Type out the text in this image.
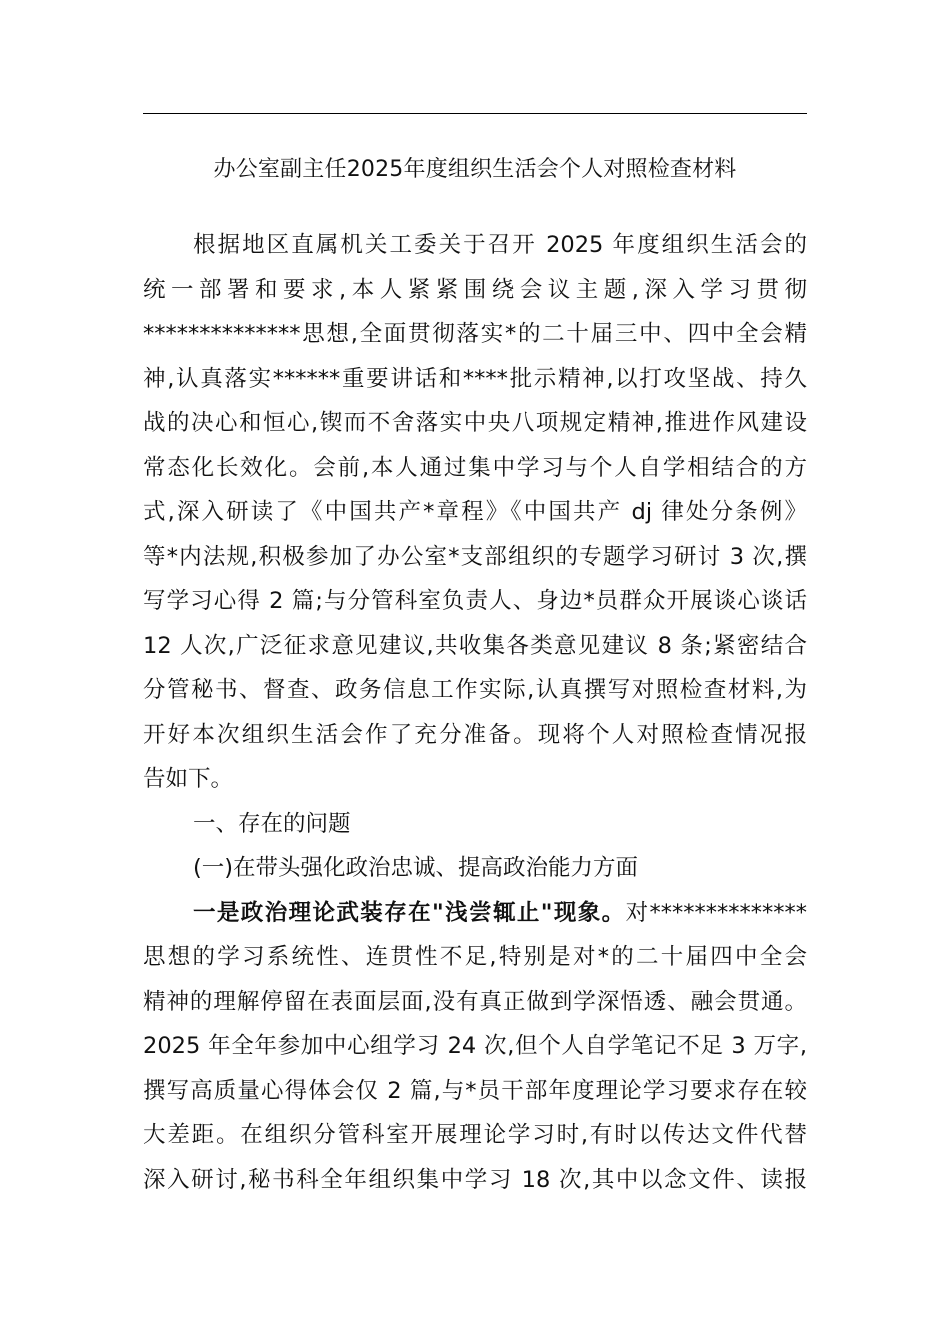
办公室副主任2025年度组织生活会个人对照检查材料
根据地区直属机关工委关于召开 2025 年度组织生活会的
统一部署和要求,本人紧紧围绕会议主题,深入学习贯彻
**************思想,全面贯彻落实*的二十届三中、四中全会精
神,认真落实******重要讲话和****批示精神,以打攻坚战、持久
战的决心和恒心,锲而不舍落实中央八项规定精神,推进作风建设
常态化长效化。会前,本人通过集中学习与个人自学相结合的方
式,深入研读了《中国共产*章程》《中国共产 dj 律处分条例》
等*内法规,积极参加了办公室*支部组织的专题学习研讨 3 次,撰
写学习心得 2 篇;与分管科室负责人、身边*员群众开展谈心谈话
12 人次,广泛征求意见建议,共收集各类意见建议 8 条;紧密结合
分管秘书、督查、政务信息工作实际,认真撰写对照检查材料,为
开好本次组织生活会作了充分准备。现将个人对照检查情况报
告如下。
一、存在的问题
(一)在带头强化政治忠诚、提高政治能力方面
一是政治理论武装存在"浅尝辄止"现象。对**************
思想的学习系统性、连贯性不足,特别是对*的二十届四中全会
精神的理解停留在表面层面,没有真正做到学深悟透、融会贯通。
2025 年全年参加中心组学习 24 次,但个人自学笔记不足 3 万字,
撰写高质量心得体会仅 2 篇,与*员干部年度理论学习要求存在较
大差距。在组织分管科室开展理论学习时,有时以传达文件代替
深入研讨,秘书科全年组织集中学习 18 次,其中以念文件、读报
